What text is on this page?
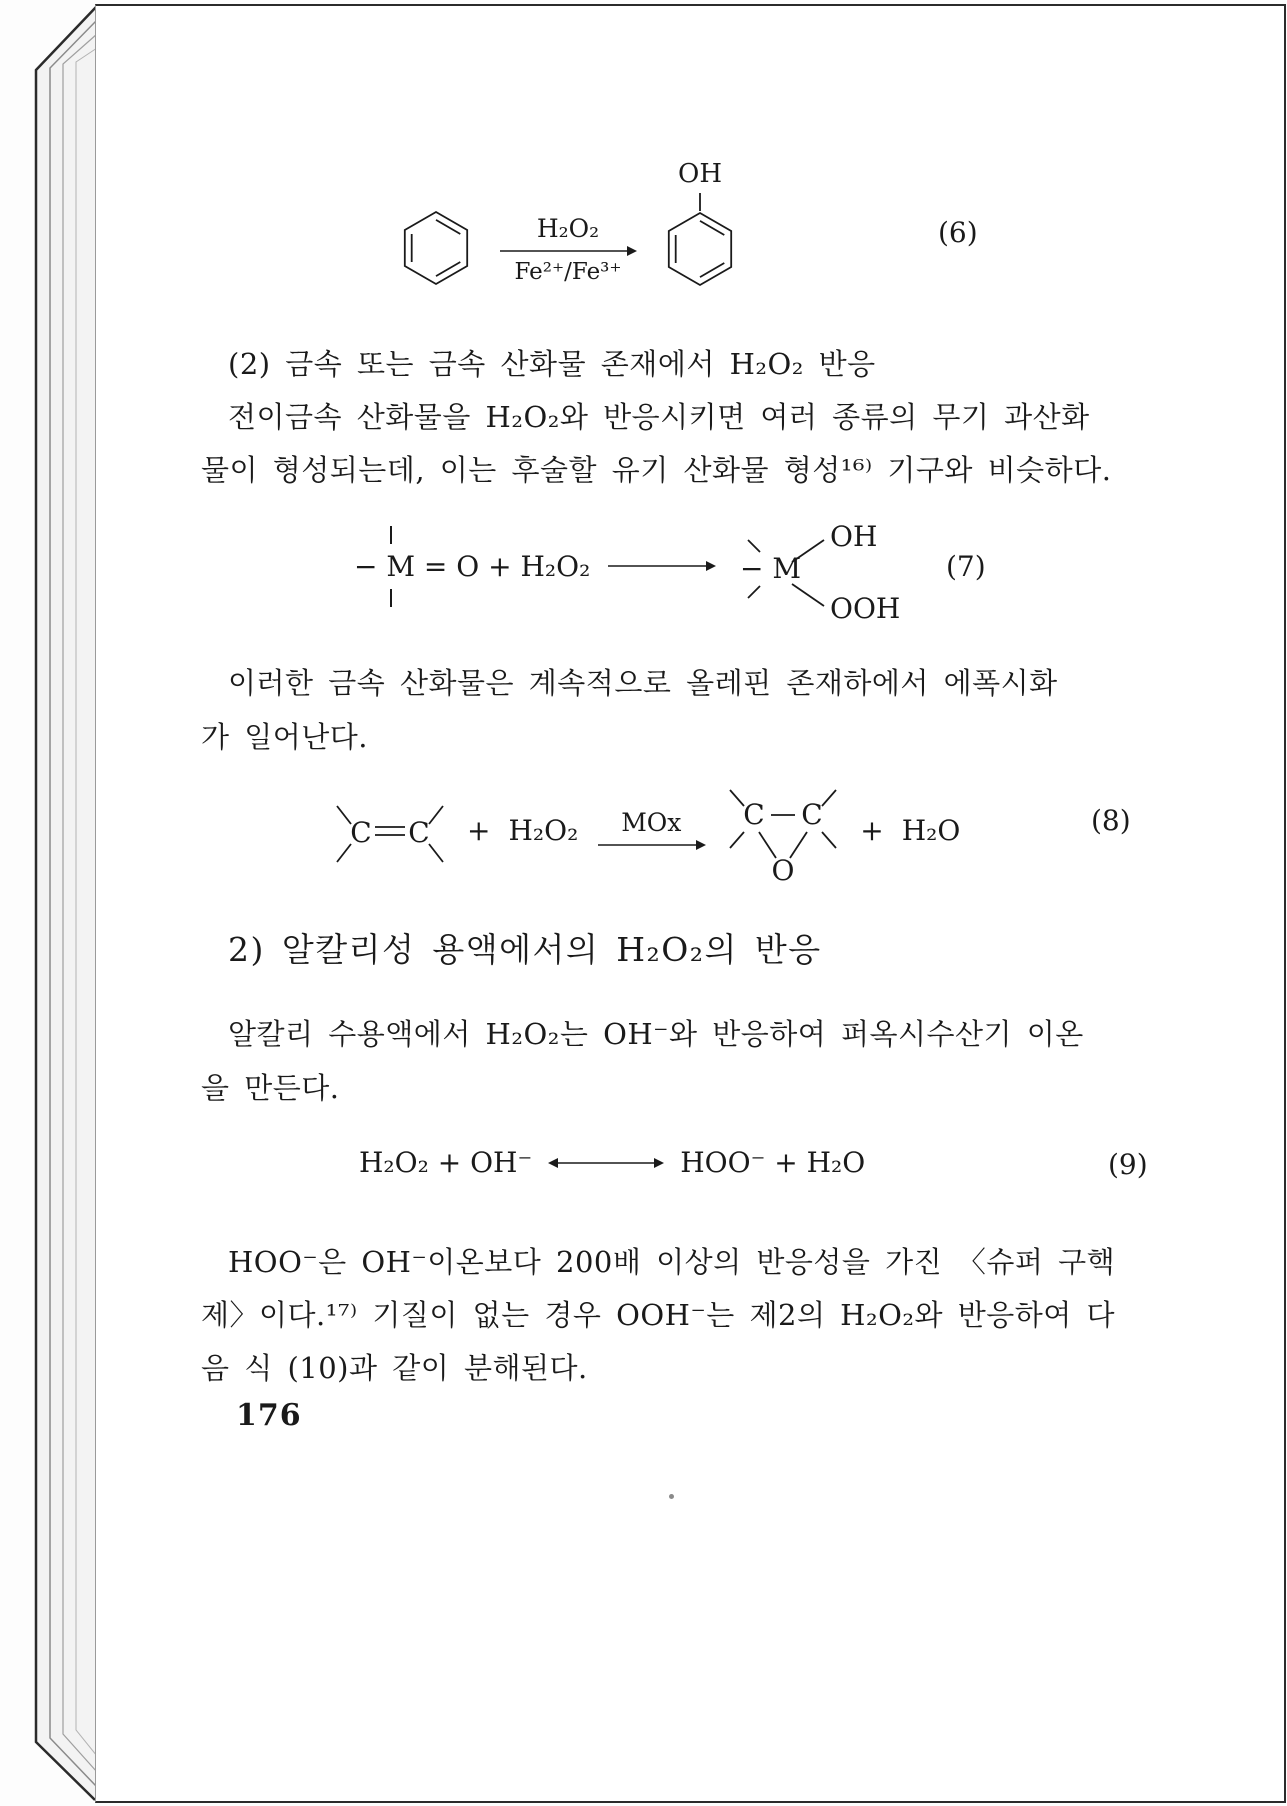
H₂O₂
Fe²⁺/Fe³⁺
OH
(6)

(2) 금속 또는 금속 산화물 존재에서 H₂O₂ 반응

전이금속 산화물을 H₂O₂와 반응시키면 여러 종류의 무기 과산화

물이 형성되는데, 이는 후술할 유기 산화물 형성¹⁶⁾ 기구와 비슷하다.

− M = O + H₂O₂	− M
OH
OOH
(7)

이러한 금속 산화물은 계속적으로 올레핀 존재하에서 에폭시화

가 일어난다.

C C + H₂O₂ MOx C C
O
+ H₂O	(8)

2) 알칼리성 용액에서의 H₂O₂의 반응

알칼리 수용액에서 H₂O₂는 OH⁻와 반응하여 퍼옥시수산기 이온

을 만든다.

H₂O₂ + OH⁻	HOO⁻ + H₂O	(9)

HOO⁻은 OH⁻이온보다 200배 이상의 반응성을 가진 〈슈퍼 구핵

제〉이다.¹⁷⁾ 기질이 없는 경우 OOH⁻는 제2의 H₂O₂와 반응하여 다

음 식 (10)과 같이 분해된다.

176
